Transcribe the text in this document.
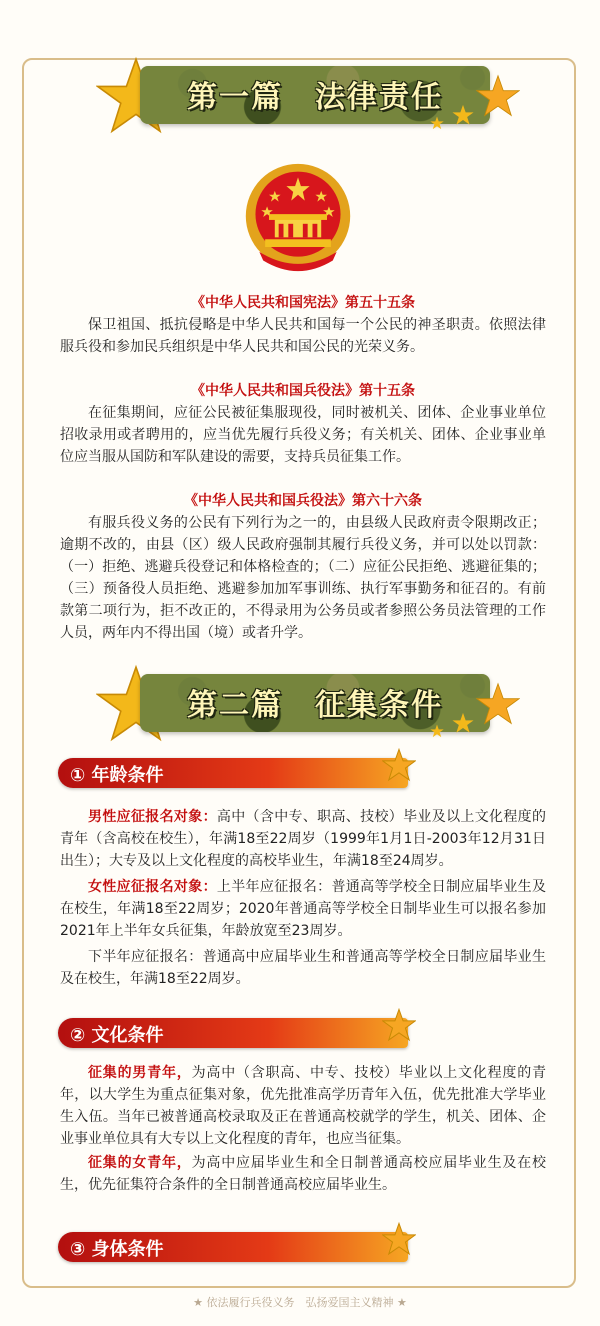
第一篇　法律责任

《中华人民共和国宪法》第五十五条

保卫祖国、抵抗侵略是中华人民共和国每一个公民的神圣职责。依照法律服兵役和参加民兵组织是中华人民共和国公民的光荣义务。

《中华人民共和国兵役法》第十五条

在征集期间，应征公民被征集服现役，同时被机关、团体、企业事业单位招收录用或者聘用的，应当优先履行兵役义务；有关机关、团体、企业事业单位应当服从国防和军队建设的需要，支持兵员征集工作。

《中华人民共和国兵役法》第六十六条

有服兵役义务的公民有下列行为之一的，由县级人民政府责令限期改正；逾期不改的，由县（区）级人民政府强制其履行兵役义务，并可以处以罚款：（一）拒绝、逃避兵役登记和体格检查的；（二）应征公民拒绝、逃避征集的；（三）预备役人员拒绝、逃避参加加军事训练、执行军事勤务和征召的。有前款第二项行为，拒不改正的，不得录用为公务员或者参照公务员法管理的工作人员，两年内不得出国（境）或者升学。

第二篇　征集条件
① 年龄条件

男性应征报名对象：高中（含中专、职高、技校）毕业及以上文化程度的青年（含高校在校生），年满18至22周岁（1999年1月1日-2003年12月31日出生）；大专及以上文化程度的高校毕业生，年满18至24周岁。

女性应征报名对象：上半年应征报名：普通高等学校全日制应届毕业生及在校生，年满18至22周岁；2020年普通高等学校全日制毕业生可以报名参加2021年上半年女兵征集，年龄放宽至23周岁。

下半年应征报名：普通高中应届毕业生和普通高等学校全日制应届毕业生及在校生，年满18至22周岁。

② 文化条件

征集的男青年，为高中（含职高、中专、技校）毕业以上文化程度的青年，以大学生为重点征集对象，优先批准高学历青年入伍，优先批准大学毕业生入伍。当年已被普通高校录取及正在普通高校就学的学生，机关、团体、企业事业单位具有大专以上文化程度的青年，也应当征集。

征集的女青年，为高中应届毕业生和全日制普通高校应届毕业生及在校生，优先征集符合条件的全日制普通高校应届毕业生。

③ 身体条件
★ 依法履行兵役义务　弘扬爱国主义精神 ★
